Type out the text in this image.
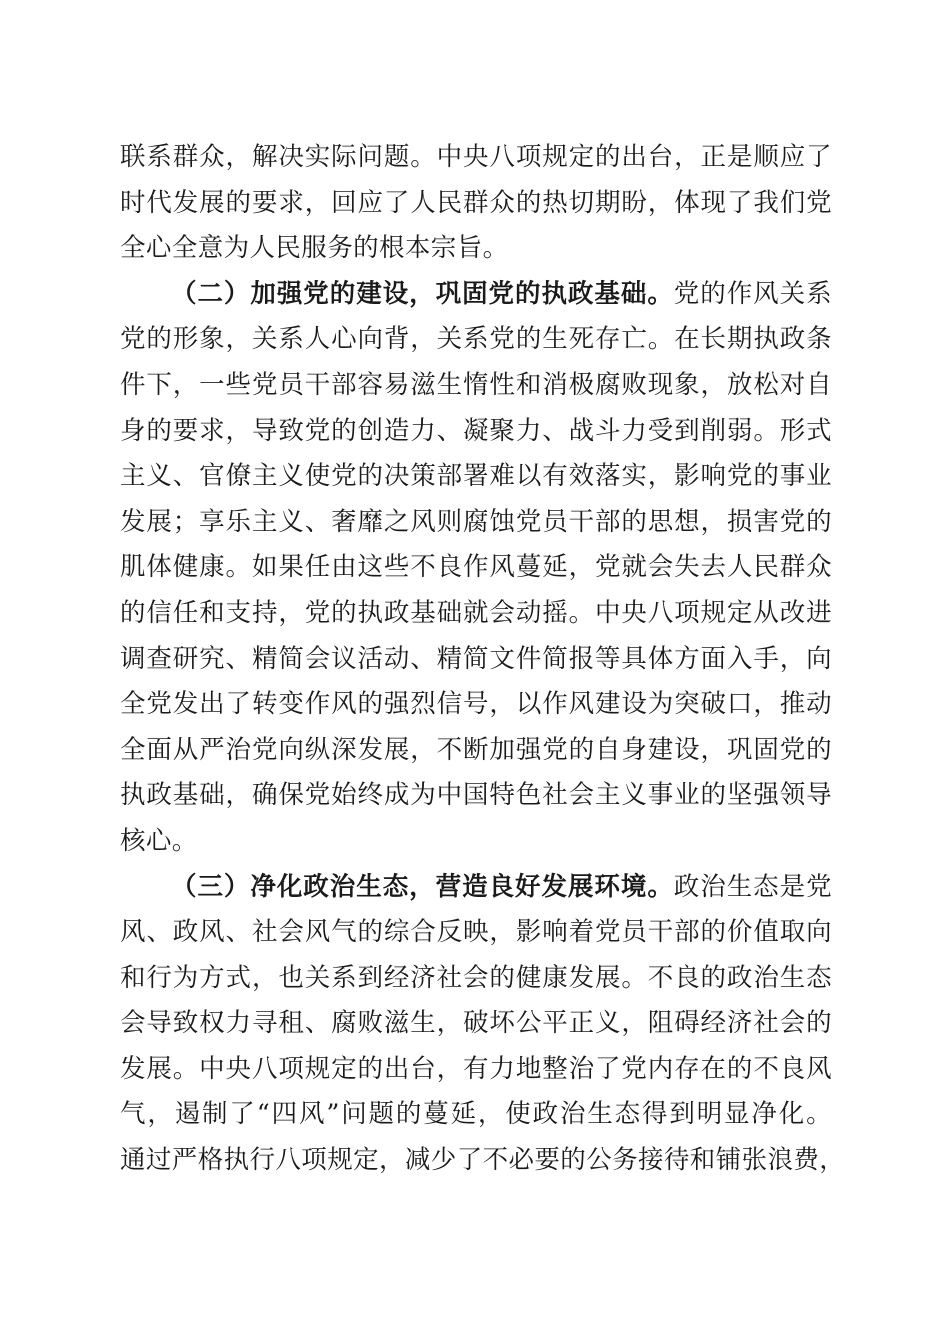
联系群众，解决实际问题。中央八项规定的出台，正是顺应了
时代发展的要求，回应了人民群众的热切期盼，体现了我们党
全心全意为人民服务的根本宗旨。
（二）加强党的建设，巩固党的执政基础。党的作风关系
党的形象，关系人心向背，关系党的生死存亡。在长期执政条
件下，一些党员干部容易滋生惰性和消极腐败现象，放松对自
身的要求，导致党的创造力、凝聚力、战斗力受到削弱。形式
主义、官僚主义使党的决策部署难以有效落实，影响党的事业
发展；享乐主义、奢靡之风则腐蚀党员干部的思想，损害党的
肌体健康。如果任由这些不良作风蔓延，党就会失去人民群众
的信任和支持，党的执政基础就会动摇。中央八项规定从改进
调查研究、精简会议活动、精简文件简报等具体方面入手，向
全党发出了转变作风的强烈信号，以作风建设为突破口，推动
全面从严治党向纵深发展，不断加强党的自身建设，巩固党的
执政基础，确保党始终成为中国特色社会主义事业的坚强领导
核心。
（三）净化政治生态，营造良好发展环境。政治生态是党
风、政风、社会风气的综合反映，影响着党员干部的价值取向
和行为方式，也关系到经济社会的健康发展。不良的政治生态
会导致权力寻租、腐败滋生，破坏公平正义，阻碍经济社会的
发展。中央八项规定的出台，有力地整治了党内存在的不良风
气，遏制了“四风”问题的蔓延，使政治生态得到明显净化。
通过严格执行八项规定，减少了不必要的公务接待和铺张浪费，
